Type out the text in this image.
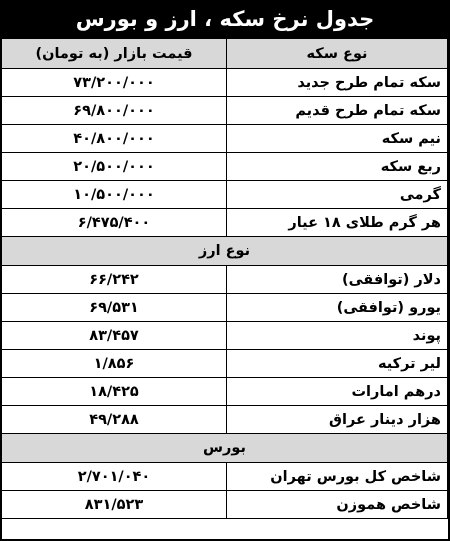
جدول نرخ سکه ، ارز و بورس
نوع سکه	قیمت بازار (به تومان)
سکه تمام طرح جدید	۷۳/۲۰۰/۰۰۰
سکه تمام طرح قدیم	۶۹/۸۰۰/۰۰۰
نیم سکه	۴۰/۸۰۰/۰۰۰
ربع سکه	۲۰/۵۰۰/۰۰۰
گرمی	۱۰/۵۰۰/۰۰۰
هر گرم طلای ۱۸ عیار	۶/۴۷۵/۴۰۰
نوع ارز	
دلار (توافقی)	۶۶/۲۴۲
یورو (توافقی)	۶۹/۵۳۱
پوند	۸۳/۴۵۷
لیر ترکیه	۱/۸۵۶
درهم امارات	۱۸/۴۲۵
هزار دینار عراق	۴۹/۲۸۸
بورس	
شاخص کل بورس تهران	۲/۷۰۱/۰۴۰
شاخص هموزن	۸۳۱/۵۲۳
